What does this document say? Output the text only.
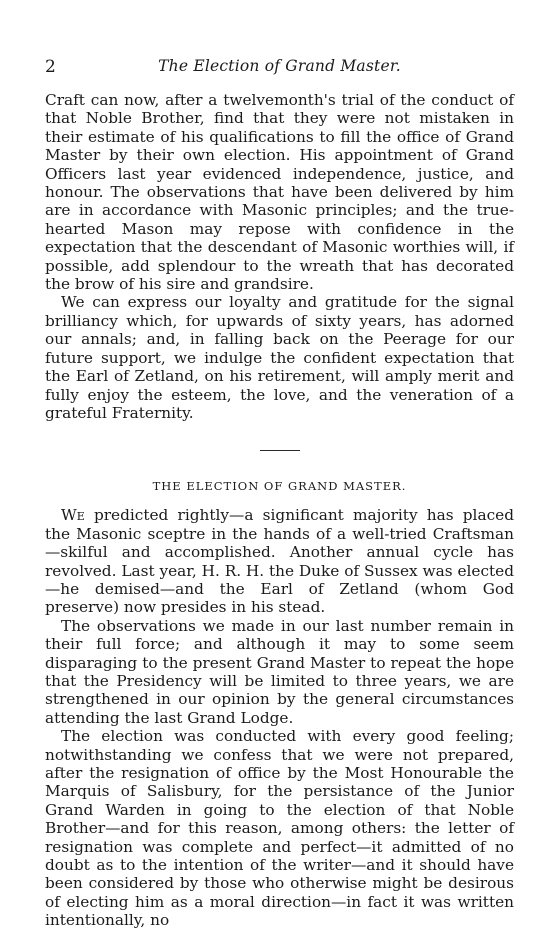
2	The Election of Grand Master.

Craft can now, after a twelvemonth's trial of the conduct of that Noble Brother, find that they were not mistaken in their estimate of his qualifications to fill the office of Grand Master by their own election. His appointment of Grand Officers last year evidenced independence, justice, and honour. The observations that have been delivered by him are in accordance with Masonic principles; and the true-hearted Mason may repose with confidence in the expectation that the descendant of Masonic worthies will, if possible, add splendour to the wreath that has decorated the brow of his sire and grandsire.

We can express our loyalty and gratitude for the signal brilliancy which, for upwards of sixty years, has adorned our annals; and, in falling back on the Peerage for our future support, we indulge the confident expectation that the Earl of Zetland, on his retirement, will amply merit and fully enjoy the esteem, the love, and the veneration of a grateful Fraternity.

THE ELECTION OF GRAND MASTER.

We predicted rightly—a significant majority has placed the Masonic sceptre in the hands of a well-tried Craftsman—skilful and accomplished. Another annual cycle has revolved. Last year, H. R. H. the Duke of Sussex was elected—he demised—and the Earl of Zetland (whom God preserve) now presides in his stead.

The observations we made in our last number remain in their full force; and although it may to some seem disparaging to the present Grand Master to repeat the hope that the Presidency will be limited to three years, we are strengthened in our opinion by the general circumstances attending the last Grand Lodge.

The election was conducted with every good feeling; notwithstanding we confess that we were not prepared, after the resignation of office by the Most Honourable the Marquis of Salisbury, for the persistance of the Junior Grand Warden in going to the election of that Noble Brother—and for this reason, among others: the letter of resignation was complete and perfect—it admitted of no doubt as to the intention of the writer—and it should have been considered by those who otherwise might be desirous of electing him as a moral direction—in fact it was written intentionally, no
